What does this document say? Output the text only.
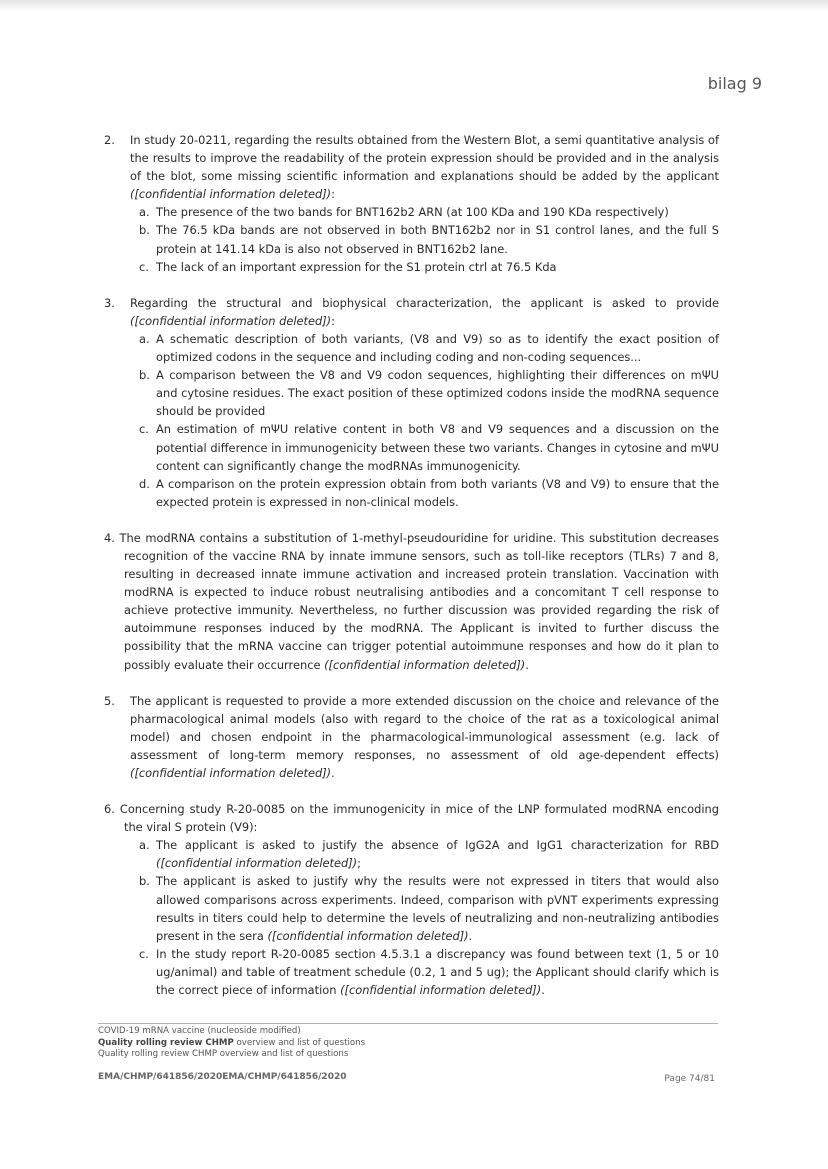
bilag 9
2. In study 20-0211, regarding the results obtained from the Western Blot, a semi quantitative analysis of the results to improve the readability of the protein expression should be provided and in the analysis of the blot, some missing scientific information and explanations should be added by the applicant ([confidential information deleted]):
a. The presence of the two bands for BNT162b2 ARN (at 100 KDa and 190 KDa respectively)
b. The 76.5 kDa bands are not observed in both BNT162b2 nor in S1 control lanes, and the full S protein at 141.14 kDa is also not observed in BNT162b2 lane.
c. The lack of an important expression for the S1 protein ctrl at 76.5 Kda
3. Regarding the structural and biophysical characterization, the applicant is asked to provide ([confidential information deleted]):
a. A schematic description of both variants, (V8 and V9) so as to identify the exact position of optimized codons in the sequence and including coding and non-coding sequences...
b. A comparison between the V8 and V9 codon sequences, highlighting their differences on mΨU and cytosine residues. The exact position of these optimized codons inside the modRNA sequence should be provided
c. An estimation of mΨU relative content in both V8 and V9 sequences and a discussion on the potential difference in immunogenicity between these two variants. Changes in cytosine and mΨU content can significantly change the modRNAs immunogenicity.
d. A comparison on the protein expression obtain from both variants (V8 and V9) to ensure that the expected protein is expressed in non-clinical models.
4. The modRNA contains a substitution of 1-methyl-pseudouridine for uridine. This substitution decreases recognition of the vaccine RNA by innate immune sensors, such as toll-like receptors (TLRs) 7 and 8, resulting in decreased innate immune activation and increased protein translation. Vaccination with modRNA is expected to induce robust neutralising antibodies and a concomitant T cell response to achieve protective immunity. Nevertheless, no further discussion was provided regarding the risk of autoimmune responses induced by the modRNA. The Applicant is invited to further discuss the possibility that the mRNA vaccine can trigger potential autoimmune responses and how do it plan to possibly evaluate their occurrence ([confidential information deleted]).
5. The applicant is requested to provide a more extended discussion on the choice and relevance of the pharmacological animal models (also with regard to the choice of the rat as a toxicological animal model) and chosen endpoint in the pharmacological-immunological assessment (e.g. lack of assessment of long-term memory responses, no assessment of old age-dependent effects) ([confidential information deleted]).
6. Concerning study R-20-0085 on the immunogenicity in mice of the LNP formulated modRNA encoding the viral S protein (V9):
a. The applicant is asked to justify the absence of IgG2A and IgG1 characterization for RBD ([confidential information deleted]);
b. The applicant is asked to justify why the results were not expressed in titers that would also allowed comparisons across experiments. Indeed, comparison with pVNT experiments expressing results in titers could help to determine the levels of neutralizing and non-neutralizing antibodies present in the sera ([confidential information deleted]).
c. In the study report R-20-0085 section 4.5.3.1 a discrepancy was found between text (1, 5 or 10 ug/animal) and table of treatment schedule (0.2, 1 and 5 ug); the Applicant should clarify which is the correct piece of information ([confidential information deleted]).
COVID-19 mRNA vaccine (nucleoside modified)
Quality rolling review CHMP overview and list of questions
Quality rolling review CHMP overview and list of questions
EMA/CHMP/641856/2020EMA/CHMP/641856/2020	Page 74/81
